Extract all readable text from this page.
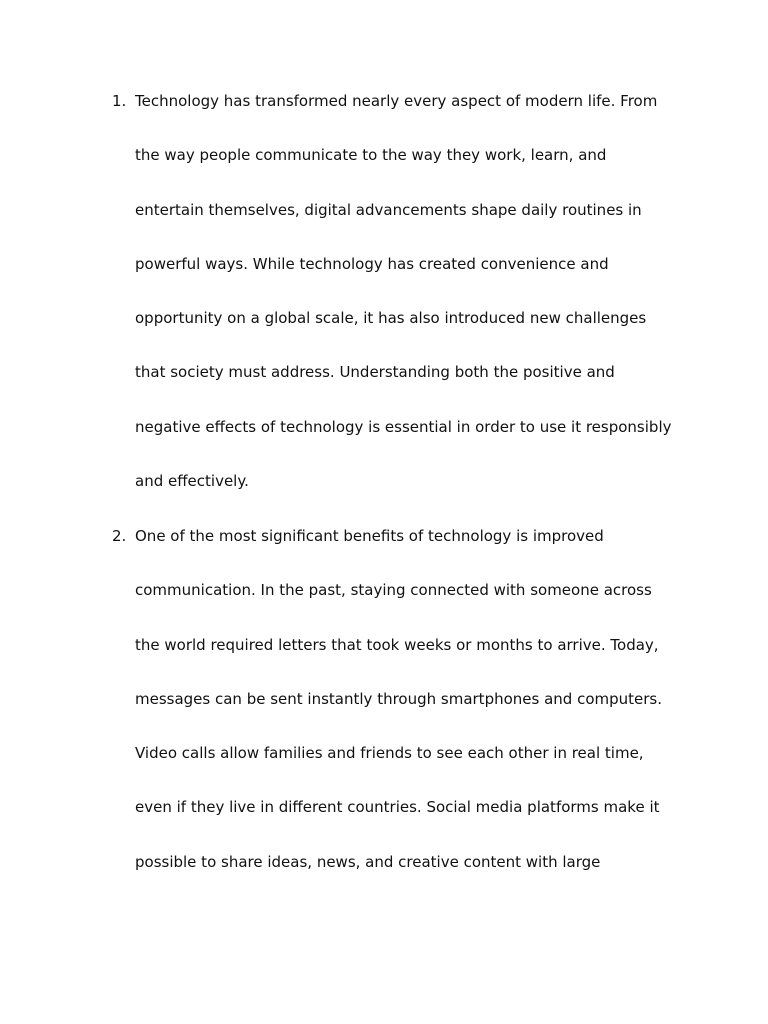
1. Technology has transformed nearly every aspect of modern life. From
the way people communicate to the way they work, learn, and
entertain themselves, digital advancements shape daily routines in
powerful ways. While technology has created convenience and
opportunity on a global scale, it has also introduced new challenges
that society must address. Understanding both the positive and
negative effects of technology is essential in order to use it responsibly
and effectively.
2. One of the most significant benefits of technology is improved
communication. In the past, staying connected with someone across
the world required letters that took weeks or months to arrive. Today,
messages can be sent instantly through smartphones and computers.
Video calls allow families and friends to see each other in real time,
even if they live in different countries. Social media platforms make it
possible to share ideas, news, and creative content with large
